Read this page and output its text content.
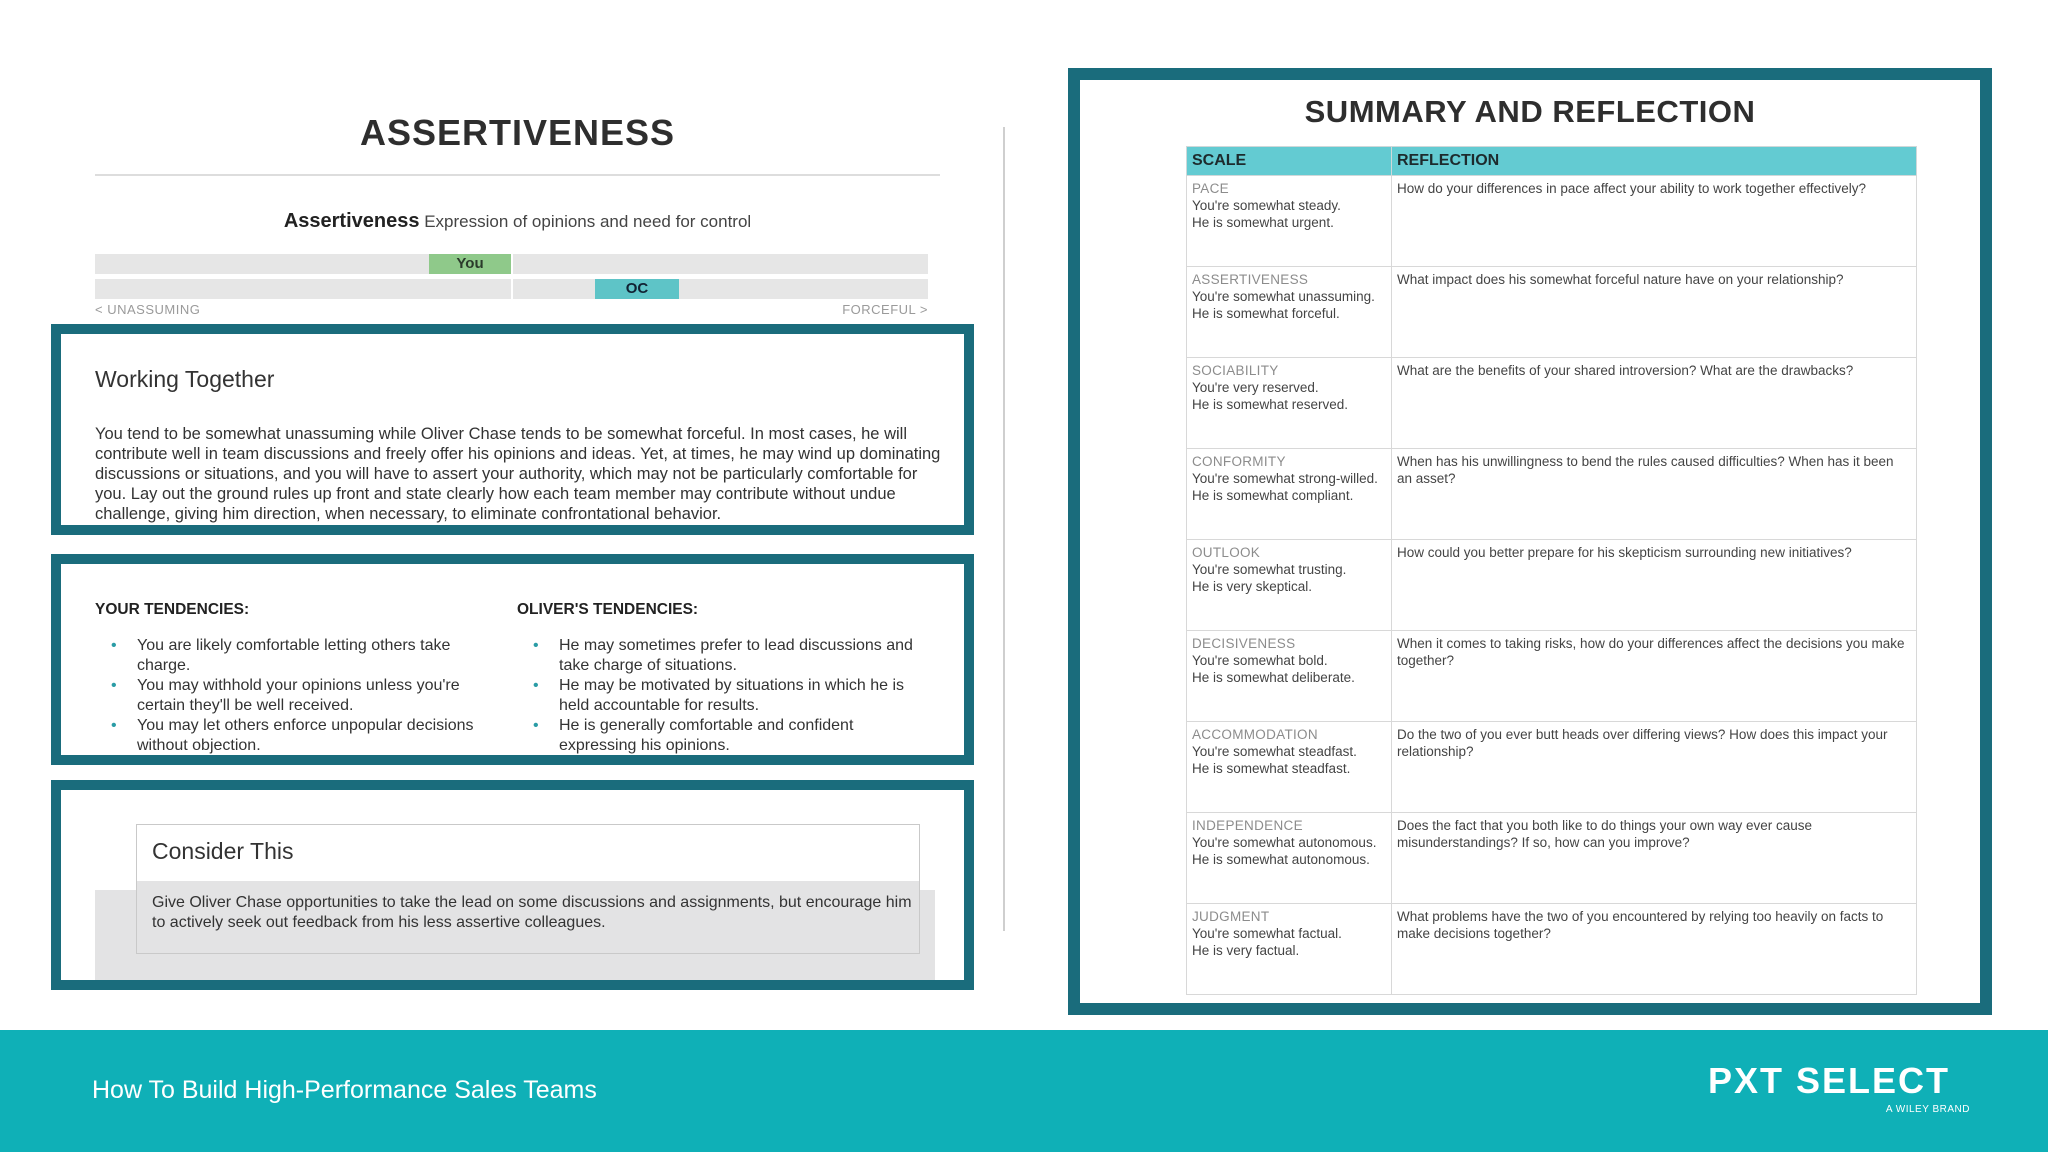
ASSERTIVENESS
Assertiveness Expression of opinions and need for control
You
OC
< UNASSUMING	FORCEFUL >
Working Together
You tend to be somewhat unassuming while Oliver Chase tends to be somewhat forceful. In most cases, he will contribute well in team discussions and freely offer his opinions and ideas. Yet, at times, he may wind up dominating discussions or situations, and you will have to assert your authority, which may not be particularly comfortable for you. Lay out the ground rules up front and state clearly how each team member may contribute without undue challenge, giving him direction, when necessary, to eliminate confrontational behavior.
YOUR TENDENCIES:
• You are likely comfortable letting others take charge.
• You may withhold your opinions unless you're certain they'll be well received.
• You may let others enforce unpopular decisions without objection.
OLIVER'S TENDENCIES:
• He may sometimes prefer to lead discussions and take charge of situations.
• He may be motivated by situations in which he is held accountable for results.
• He is generally comfortable and confident expressing his opinions.
Consider This
Give Oliver Chase opportunities to take the lead on some discussions and assignments, but encourage him to actively seek out feedback from his less assertive colleagues.
SUMMARY AND REFLECTION
SCALE	REFLECTION

PACE
You're somewhat steady.
He is somewhat urgent.	How do your differences in pace affect your ability to work together effectively?

ASSERTIVENESS
You're somewhat unassuming.
He is somewhat forceful.	What impact does his somewhat forceful nature have on your relationship?

SOCIABILITY
You're very reserved.
He is somewhat reserved.	What are the benefits of your shared introversion? What are the drawbacks?

CONFORMITY
You're somewhat strong-willed.
He is somewhat compliant.	When has his unwillingness to bend the rules caused difficulties? When has it been an asset?

OUTLOOK
You're somewhat trusting.
He is very skeptical.	How could you better prepare for his skepticism surrounding new initiatives?

DECISIVENESS
You're somewhat bold.
He is somewhat deliberate.	When it comes to taking risks, how do your differences affect the decisions you make together?

ACCOMMODATION
You're somewhat steadfast.
He is somewhat steadfast.	Do the two of you ever butt heads over differing views? How does this impact your relationship?

INDEPENDENCE
You're somewhat autonomous.
He is somewhat autonomous.	Does the fact that you both like to do things your own way ever cause misunderstandings? If so, how can you improve?

JUDGMENT
You're somewhat factual.
He is very factual.	What problems have the two of you encountered by relying too heavily on facts to make decisions together?
How To Build High-Performance Sales Teams	PXT SELECT
A WILEY BRAND
